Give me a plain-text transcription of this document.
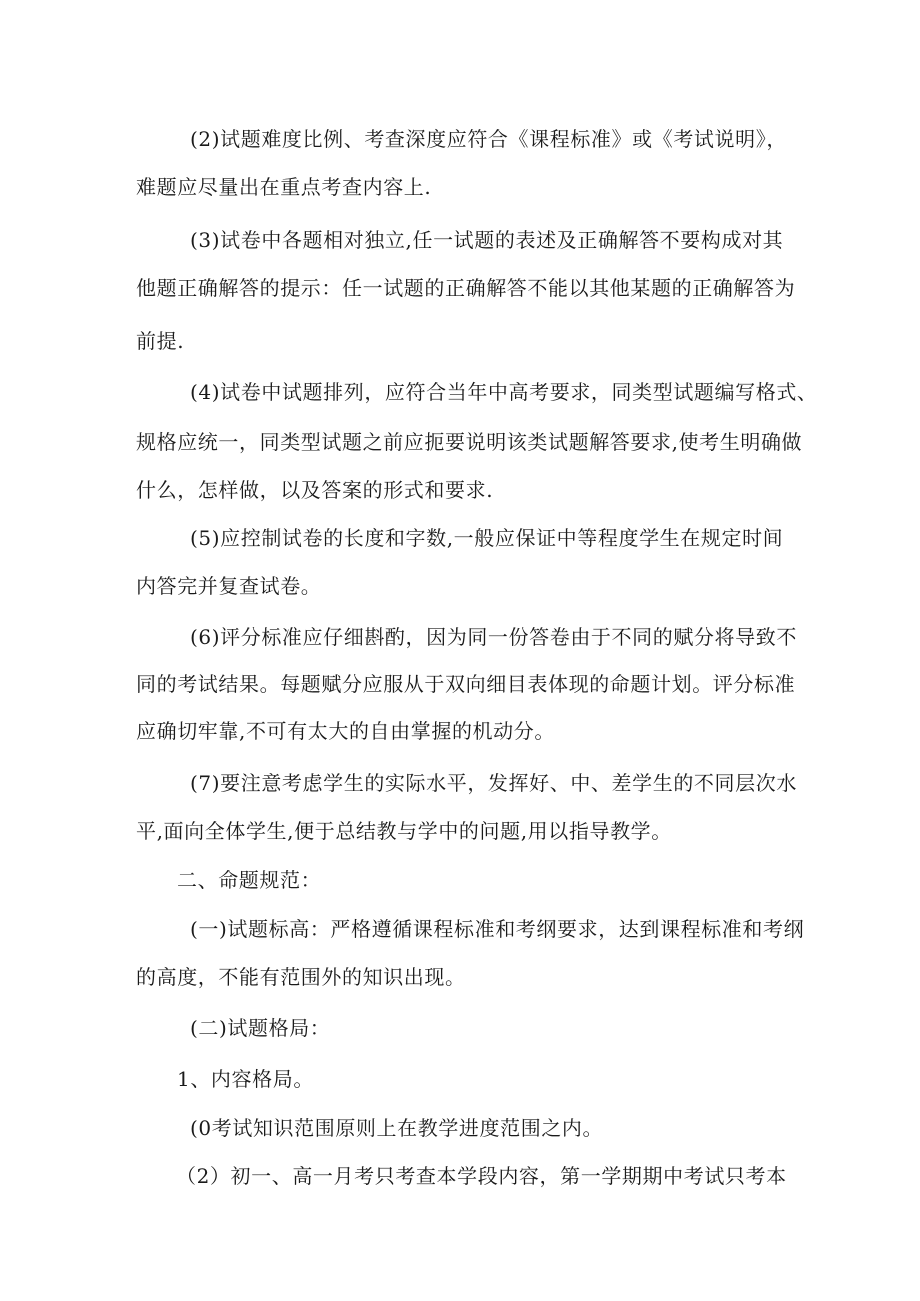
(2)试题难度比例、考查深度应符合《课程标准》或《考试说明》，
难题应尽量出在重点考查内容上.
(3)试卷中各题相对独立,任一试题的表述及正确解答不要构成对其
他题正确解答的提示：任一试题的正确解答不能以其他某题的正确解答为
前提.
(4)试卷中试题排列，应符合当年中高考要求，同类型试题编写格式、
规格应统一，同类型试题之前应扼要说明该类试题解答要求,使考生明确做
什么，怎样做，以及答案的形式和要求.
(5)应控制试卷的长度和字数,一般应保证中等程度学生在规定时间
内答完并复查试卷。
(6)评分标准应仔细斟酌，因为同一份答卷由于不同的赋分将导致不
同的考试结果。每题赋分应服从于双向细目表体现的命题计划。评分标准
应确切牢靠,不可有太大的自由掌握的机动分。
(7)要注意考虑学生的实际水平，发挥好、中、差学生的不同层次水
平,面向全体学生,便于总结教与学中的问题,用以指导教学。
二、命题规范：
(一)试题标高：严格遵循课程标准和考纲要求，达到课程标准和考纲
的高度，不能有范围外的知识出现。
(二)试题格局：
1、内容格局。
(0考试知识范围原则上在教学进度范围之内。
（2）初一、高一月考只考查本学段内容，第一学期期中考试只考本
